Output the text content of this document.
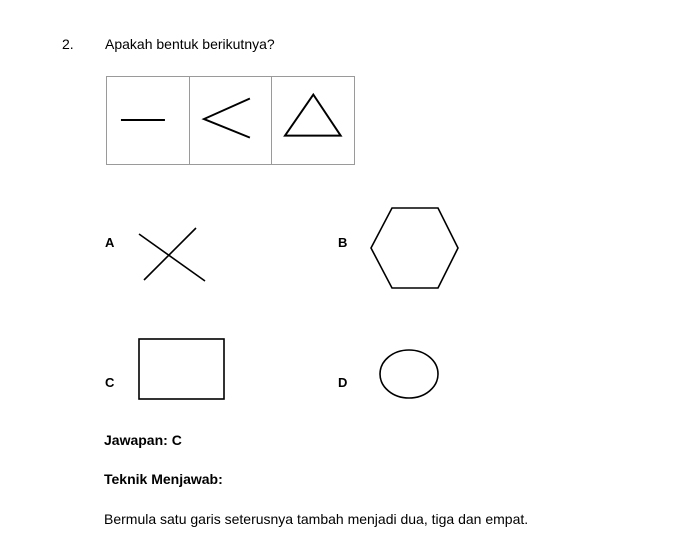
2. Apakah bentuk berikutnya?
A	B
C	D
Jawapan: C
Teknik Menjawab:
Bermula satu garis seterusnya tambah menjadi dua, tiga dan empat.
